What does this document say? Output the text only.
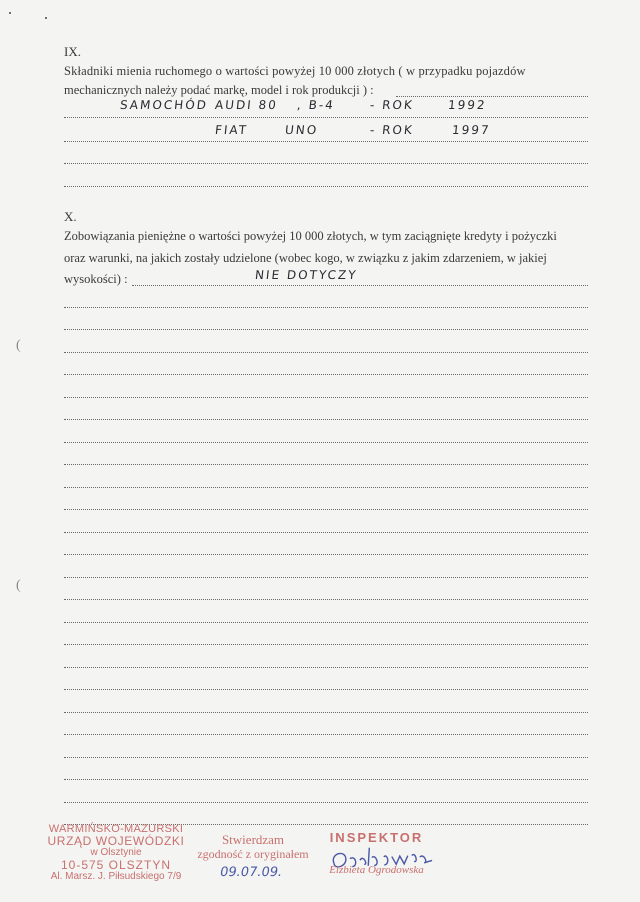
(
(
IX.
Składniki mienia ruchomego o wartości powyżej 10 000 złotych ( w przypadku pojazdów
mechanicznych należy podać markę, model i rok produkcji ) :
SAMOCHÓD AUDI 80 , B-4	- ROK	1992
FIAT	UNO	- ROK	1997
X.
Zobowiązania pieniężne o wartości powyżej 10 000 złotych, w tym zaciągnięte kredyty i pożyczki
oraz warunki, na jakich zostały udzielone (wobec kogo, w związku z jakim zdarzeniem, w jakiej
wysokości) :	NIE DOTYCZY
WARMIŃSKO-MAZURSKI
URZĄD WOJEWÓDZKI
w Olsztynie
10-575 OLSZTYN
Al. Marsz. J. Piłsudskiego 7/9
Stwierdzam
zgodność z oryginałem
09.07.09.
INSPEKTOR
Elżbieta Ogrodowska
